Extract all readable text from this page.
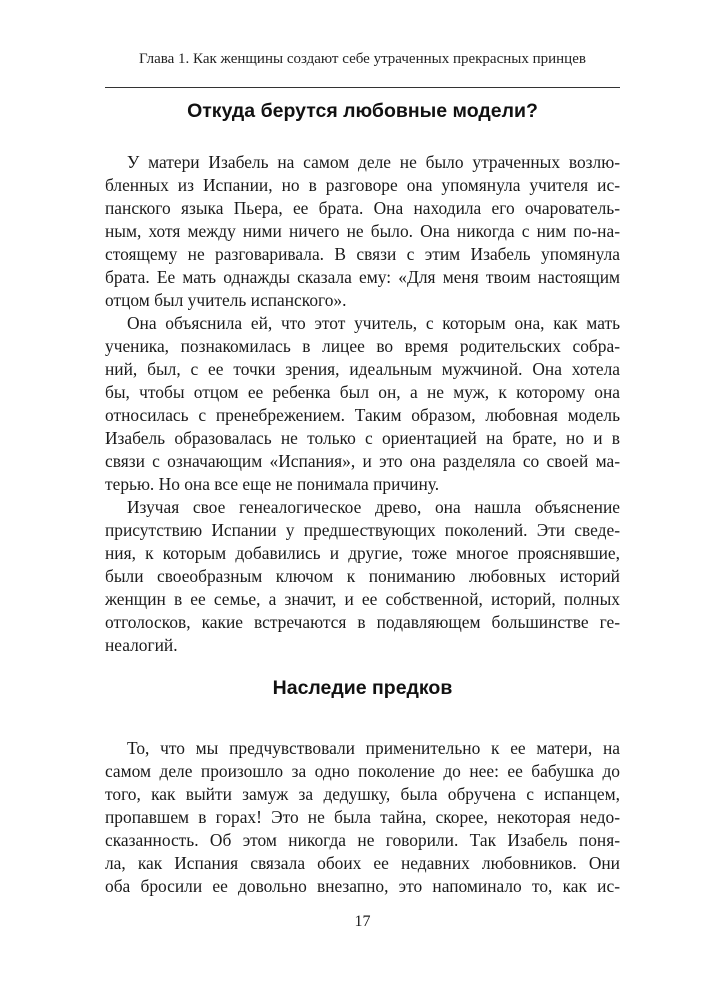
Глава 1. Как женщины создают себе утраченных прекрасных принцев
Откуда берутся любовные модели?
У матери Изабель на самом деле не было утраченных возлю-
бленных из Испании, но в разговоре она упомянула учителя ис-
панского языка Пьера, ее брата. Она находила его очарователь-
ным, хотя между ними ничего не было. Она никогда с ним по-на-
стоящему не разговаривала. В связи с этим Изабель упомянула
брата. Ее мать однажды сказала ему: «Для меня твоим настоящим
отцом был учитель испанского».
Она объяснила ей, что этот учитель, с которым она, как мать
ученика, познакомилась в лицее во время родительских собра-
ний, был, с ее точки зрения, идеальным мужчиной. Она хотела
бы, чтобы отцом ее ребенка был он, а не муж, к которому она
относилась с пренебрежением. Таким образом, любовная модель
Изабель образовалась не только с ориентацией на брате, но и в
связи с означающим «Испания», и это она разделяла со своей ма-
терью. Но она все еще не понимала причину.
Изучая свое генеалогическое древо, она нашла объяснение
присутствию Испании у предшествующих поколений. Эти сведе-
ния, к которым добавились и другие, тоже многое прояснявшие,
были своеобразным ключом к пониманию любовных историй
женщин в ее семье, а значит, и ее собственной, историй, полных
отголосков, какие встречаются в подавляющем большинстве ге-
неалогий.
Наследие предков
То, что мы предчувствовали применительно к ее матери, на
самом деле произошло за одно поколение до нее: ее бабушка до
того, как выйти замуж за дедушку, была обручена с испанцем,
пропавшем в горах! Это не была тайна, скорее, некоторая недо-
сказанность. Об этом никогда не говорили. Так Изабель поня-
ла, как Испания связала обоих ее недавних любовников. Они
оба бросили ее довольно внезапно, это напоминало то, как ис-
17
